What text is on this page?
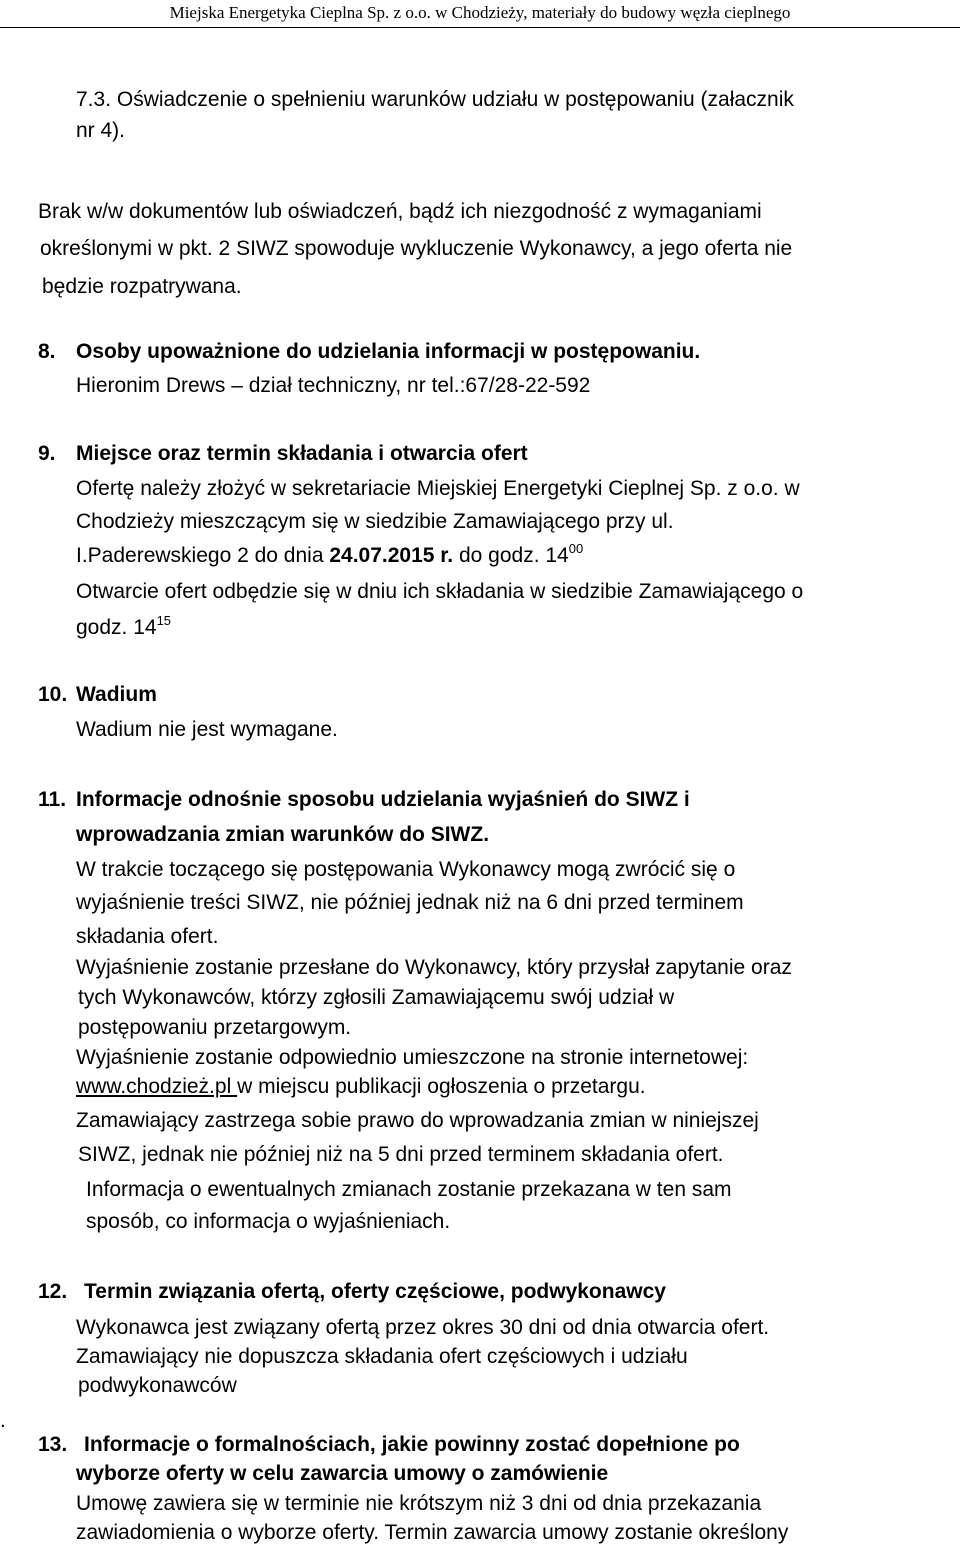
Miejska Energetyka Cieplna Sp. z o.o. w Chodzieży, materiały do budowy węzła cieplnego
7.3. Oświadczenie o spełnieniu warunków udziału w postępowaniu (załacznik
nr 4).
Brak w/w dokumentów lub oświadczeń, bądź ich niezgodność z wymaganiami
określonymi w pkt. 2 SIWZ spowoduje wykluczenie Wykonawcy, a jego oferta nie
będzie rozpatrywana.
8. Osoby upoważnione do udzielania informacji w postępowaniu.
Hieronim Drews – dział techniczny, nr tel.:67/28-22-592
9. Miejsce oraz termin składania i otwarcia ofert
Ofertę należy złożyć w sekretariacie Miejskiej Energetyki Cieplnej Sp. z o.o. w
Chodzieży mieszczącym się w siedzibie Zamawiającego przy ul.
I.Paderewskiego 2 do dnia 24.07.2015 r. do godz. $14^{00}$
Otwarcie ofert odbędzie się w dniu ich składania w siedzibie Zamawiającego o
godz. $14^{15}$
10. Wadium
Wadium nie jest wymagane.
11. Informacje odnośnie sposobu udzielania wyjaśnień do SIWZ i
wprowadzania zmian warunków do SIWZ.
W trakcie toczącego się postępowania Wykonawcy mogą zwrócić się o
wyjaśnienie treści SIWZ, nie później jednak niż na 6 dni przed terminem
składania ofert.
Wyjaśnienie zostanie przesłane do Wykonawcy, który przysłał zapytanie oraz
tych Wykonawców, którzy zgłosili Zamawiającemu swój udział w
postępowaniu przetargowym.
Wyjaśnienie zostanie odpowiednio umieszczone na stronie internetowej:
www.chodzież.pl w miejscu publikacji ogłoszenia o przetargu.
Zamawiający zastrzega sobie prawo do wprowadzania zmian w niniejszej
SIWZ, jednak nie później niż na 5 dni przed terminem składania ofert.
Informacja o ewentualnych zmianach zostanie przekazana w ten sam
sposób, co informacja o wyjaśnieniach.
12. Termin związania ofertą, oferty częściowe, podwykonawcy
Wykonawca jest związany ofertą przez okres 30 dni od dnia otwarcia ofert.
Zamawiający nie dopuszcza składania ofert częściowych i udziału
podwykonawców
.
13. Informacje o formalnościach, jakie powinny zostać dopełnione po
wyborze oferty w celu zawarcia umowy o zamówienie
Umowę zawiera się w terminie nie krótszym niż 3 dni od dnia przekazania
zawiadomienia o wyborze oferty. Termin zawarcia umowy zostanie określony
